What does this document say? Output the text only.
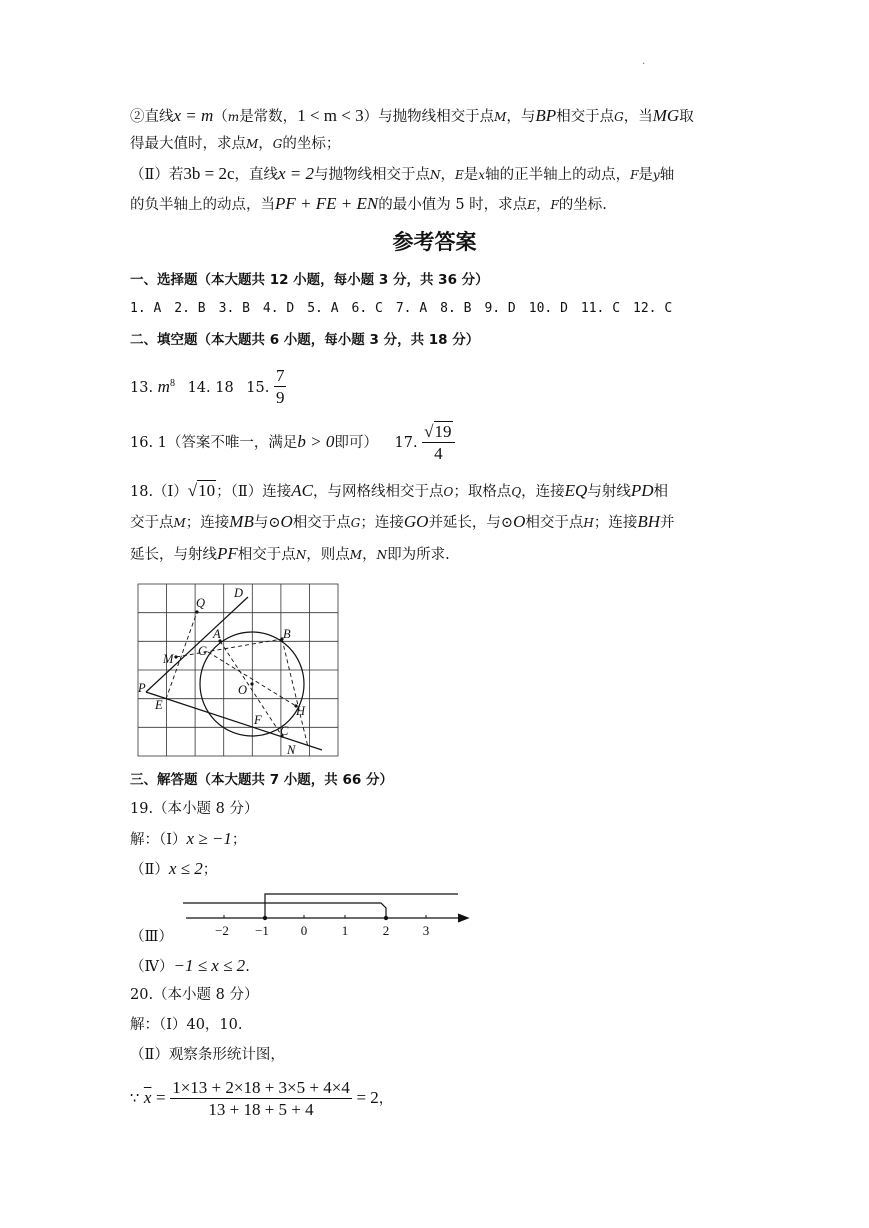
.
②直线x = m（m是常数，1 < m < 3）与抛物线相交于点M，与BP相交于点G，当MG取
得最大值时，求点M，G的坐标；
（Ⅱ）若3b = 2c，直线x = 2与抛物线相交于点N，E是x轴的正半轴上的动点，F是y轴
的负半轴上的动点，当PF + FE + EN的最小值为 5 时，求点E，F的坐标.
参考答案
一、选择题（本大题共 12 小题，每小题 3 分，共 36 分）
1. A　2. B　3. B　4. D　5. A　6. C　7. A　8. B　9. D　10. D　11. C　12. C
二、填空题（本大题共 6 小题，每小题 3 分，共 18 分）
13. $m^8$ 14. 18 15. $\frac{7}{9}$
16. 1（答案不唯一，满足b > 0即可） 17. $\frac{√19}{4}$
18.（Ⅰ）√10；（Ⅱ）连接AC，与网格线相交于点O；取格点Q，连接EQ与射线PD相
交于点M；连接MB与⊙O相交于点G；连接GO并延长，与⊙O相交于点H；连接BH并
延长，与射线PF相交于点N，则点M，N即为所求.
Q
D
A	B
M
G
P	O
E
F
H
C
N
三、解答题（本大题共 7 小题，共 66 分）
19.（本小题 8 分）
解：（Ⅰ）x ≥ −1；
（Ⅱ）x ≤ 2；
−2 −1 0	1	2	3
（Ⅲ）
（Ⅳ）−1 ≤ x ≤ 2.
20.（本小题 8 分）
解：（Ⅰ）40，10.
（Ⅱ）观察条形统计图，
∵ $\overline{x} = \frac{1\times 13 + 2\times 18 + 3\times 5 + 4\times 4}{13 + 18 + 5 + 4} = 2$，
